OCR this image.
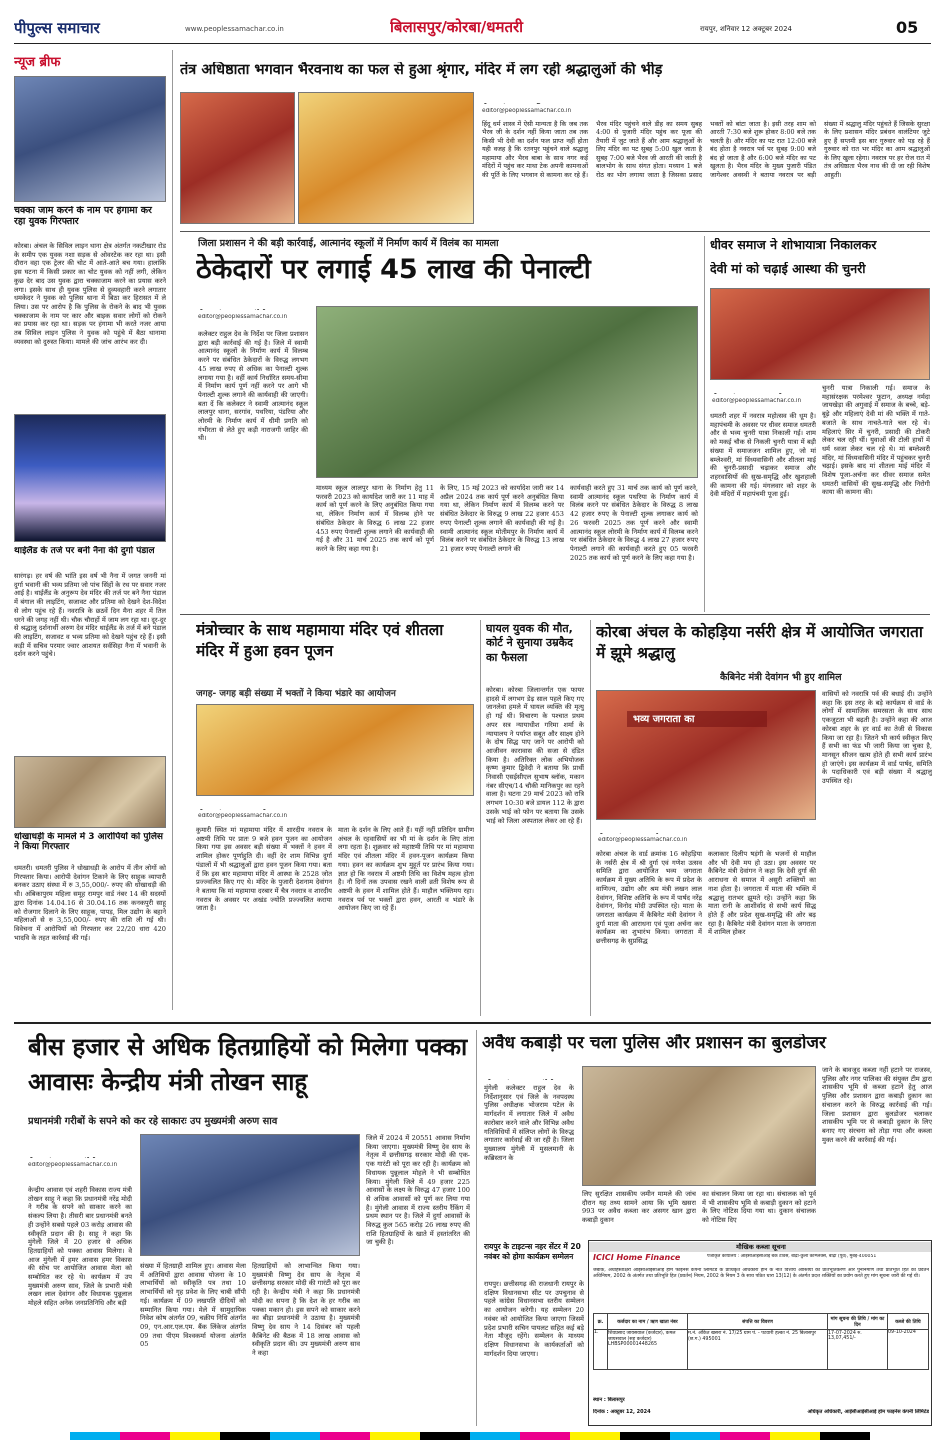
पीपुल्स समाचार	www.peoplessamachar.co.in	बिलासपुर/कोरबा/धमतरी	रायपुर, शनिवार 12 अक्टूबर 2024	05
न्यूज ब्रीफ
चक्का जाम करने के नाम पर हंगामा कर रहा युवक गिरफ्तार
कोरबा। अंचल के सिविल लाइन थाना क्षेत्र अंतर्गत नकटीखार रोड के समीप एक युवक नशा सड़क से ओवरटेक कर रहा था। इसी दौरान वहा एक ट्रेलर की चोट में आते-आते बच गया। हालांकि इस घटना में किसी प्रकार का चोट युवक को नहीं लगी, लेकिन कुछ देर बाद उस युवक द्वारा चक्काजाम करने का प्रयास करने लगा। इसके साथ ही युवक पुलिस से दुव्यवहारी करने लगातार धमकेदर ने युवक को पुलिस थाना में बिठा कर हिरासत में ले लिया। उस पर आरोप है कि पुलिस के रोकने के बाद भी युवक चक्काजाम के नाम पर कार और बाइक सवार लोगों को रोकने का प्रयास कर रहा था। सड़क पर हंगामा भी करते नजर आया तब सिविल लाइन पुलिस ने युवक को पहुंचे में बैठा थानामा व्यवस्था को दुरुस्त किया। मामले की जांच आरंभ कर दी।
थाईलैंड के तर्ज पर बनी नैना की दुर्गा पंडाल
सारंगढ़। हर वर्ष की भांति इस वर्ष भी नैना में जगत जननी मां दुर्गा भवानी की भव्य प्रतिमा जो पांच सिंहों के रथ पर सवार नजर आई है। थाईलैंड के अनुरूप देव मंदिर की तर्ज पर बने नैना पंडाल में बंगाल की लाइटिंग, सजावट और प्रतिमा को देखने देश-विदेश से लोग पहुंच रहे हैं। नवरात्रि के छठवें दिन मैना शहर में तिल धरने की जगह नहीं थी। चौक चौराहों में जाम लग रहा था। दूर-दूर से श्रद्धालु दर्शनार्थी अरुण देव मंदिर थाईलैंड के तर्ज में बने पंडाल की लाइटिंग, सजावट व भव्य प्रतिमा को देखने पहुंच रहे हैं। इसी कड़ी में सचिव परमार ज्वार आशयत सर्वसिहा नैना में भवानी के दर्शन करने पहुंचे।
धोखाधड़ी के मामले में 3 आरोपियों को पुलिस ने किया गिरफ्तार
धमतरी। धमतरी पुलिस ने धोखाधड़ी के आरोप में तीन लोगों को गिरफ्तार किया। आरोपी देवांगन टिकाने के लिए साहूक व्यापारी बनकर उठाए संस्था में रु 3,55,000/- रुपए की धोखाधड़ी की थी। अंबिकापुरम महिला समूह रामपुर वार्ड नंबर 14 की सदस्यों द्वारा दिनांक 14.04.16 से 30.04.16 तक कनकपुरी साहू को रोजगार दिलाने के लिए साहूक, पापड़, मिल उद्योग के बहाने महिलाओं से रु 3,55,000/- रुपए की राशि ली गई थी। विवेचना में आरोपियों को गिरफ्तार कर 22/20 धारा 420 भादवि के तहत कार्रवाई की गई।
तंत्र अधिष्ठाता भगवान भैरवनाथ का फल से हुआ श्रृंगार, मंदिर में लग रही श्रद्धालुओं की भीड़
editor@peoplessamachar.co.in
हिंदू धर्म शास्त्र में ऐसी मान्यता है कि जब तक भैरव जी के दर्शन नहीं किया जाता तब तक किसी भी देवी का दर्शन फल प्राप्त नहीं होता यही वजह है कि रतनपुर पहुंचने वाले श्रद्धालु महामाया और भैरव बाबा के साथ नगर कई मंदिरों में पहुंच कर माथा टेक अपनी कामनाओं की पूर्ति के लिए भगवान से कामना कर रहे हैं। भैरव मंदिर पहुंचने वाले डीह का समय सुबह 4:00 से पुजारी मंदिर पहुंच कर पूजा की तैयारी में जुट जाते हैं और आम श्रद्धालुओं के लिए मंदिर का पट सुबह 5:00 खुल जाता है सुबह 7:00 बजे भैरव जी आरती की जाती है बालभोग के साथ संगत होता। मध्यान 1 बजे रोठ का भोग लगाया जाता है जिसका प्रसाद भक्तों को बांटा जाता है। इसी तरह शाम को आरती 7:30 बजे शुरू होकर 8:00 बजे तक चलती है। और मंदिर का पट रात 12:00 बजे बंद होता है नवरात्र पर्व पर सुबह 9:00 बजे बंद हो जाता है और 6:00 बजे मंदिर का पट खुलता है। भैरव मंदिर के मुख्य पुजारी पंडित जागेश्वर अवस्थी ने बताया नवरात्र पर बड़ी संख्या में श्रद्धालु मंदिर पहुंचते हैं जिसके सुरक्षा के लिए प्रशासन मंदिर प्रबंधन वालंटियर जुटे हुए हैं सप्तमी इस बार गुरुवार को पड़ रहे हैं गुरुवार को रात भर मंदिर का आम श्रद्धालुओं के लिए खुला रहेगा। नवरात्र पर हर रोज रात में तंत्र अधिष्ठाता भैरव नाथ की दी जा रही विशेष आहुती।
जिला प्रशासन ने की बड़ी कार्रवाई, आत्मानंद स्कूलों में निर्माण कार्य में विलंब का मामला
ठेकेदारों पर लगाई 45 लाख की पेनाल्टी
editor@peoplessamachar.co.in
कलेक्टर राहुल देव के निर्देश पर जिला प्रशासन द्वारा बड़ी कार्रवाई की गई है। जिले में स्वामी आत्मानंद स्कूलों के निर्माण कार्य में विलम्ब करने पर संबंधित ठेकेदारों के विरुद्ध लगभग 45 लाख रुपए से अधिक का पेनाल्टी शुल्क लगाया गया है। वहीं कार्य निर्धारित समय-सीमा में निर्माण कार्य पूर्ण नहीं करने पर आगे भी पेनाल्टी शुल्क लगाने की कार्यवाही की जाएगी। बता दें कि कलेक्टर ने स्वामी आत्मानंद स्कूल लालपुर थाना, सरगांव, पथरिया, पंडरिया और लोरमी के निर्माण कार्य में धीमी प्रगति को गंभीरता से लेते हुए कड़ी नाराजगी जाहिर की थी।
माध्यम स्कूल लालपुर थाना के निर्माण हेतु 11 फरवरी 2023 को कार्यादेश जारी कर 11 माह में कार्य को पूर्ण करने के लिए अनुबंधित किया गया था, लेकिन निर्माण कार्य में विलम्ब होने पर संबंधित ठेकेदार के विरुद्ध 6 लाख 22 हजार 453 रुपए पेनाल्टी शुल्क लगाने की कार्यवाही की गई है और 31 मार्च 2025 तक कार्य को पूर्ण करने के लिए कहा गया है।
के लिए, 15 मई 2023 को कार्यादेश जारी कर 14 अप्रैल 2024 तक कार्य पूर्ण करने अनुबंधित किया गया था, लेकिन निर्माण कार्य में विलम्ब करने पर संबंधित ठेकेदार के विरुद्ध 9 लाख 22 हजार 453 रुपए पेनाल्टी शुल्क लगाने की कार्यवाही की गई है। स्वामी आत्मानंद स्कूल मोतीमपुर के निर्माण कार्य में विलंब करने पर संबंधित ठेकेदार के विरुद्ध 13 लाख 21 हजार रुपए पेनाल्टी लगाने की
कार्यवाही करते हुए 31 मार्च तक कार्य को पूर्ण करने, स्वामी आत्मानंद स्कूल पथरिया के निर्माण कार्य में विलंब करने पर संबंधित ठेकेदार के विरुद्ध 8 लाख 42 हजार रुपए के पेनाल्टी शुल्क लगाकर कार्य को 26 फरवरी 2025 तक पूर्ण करने और स्वामी आत्मानंद स्कूल लोरमी के निर्माण कार्य में विलम्ब करने पर संबंधित ठेकेदार के विरुद्ध 4 लाख 27 हजार रुपए पेनाल्टी लगाने की कार्यवाही करते हुए 05 फरवरी 2025 तक कार्य को पूर्ण करने के लिए कहा गया है।
धीवर समाज ने शोभायात्रा निकालकर
देवी मां को चढ़ाई आस्था की चुनरी
editor@peoplessamachar.co.in
धमतरी शहर में नवरात्र महोत्सव की धूम है। महापंचमी के अवसर पर धीवर समाज धमतरी और से भव्य चुनरी यात्रा निकाली गई। शाम को मकई चौक से निकली चुनरी यात्रा में बड़ी संख्या में समाजजन शामिल हुए, जो मां बम्लेश्वरी, मां विंध्यवासिनी और शीतला माई की चुनरी-प्रसादी चढ़ाकर समाज और शहरवासियों की सुख-समृद्धि और खुशहाली की कामना की गई। मंगलवार को शहर के देवी मंदिरों में महापंचमी पूजा हुई।
चुनरी यात्रा निकाली गई। समाज के महासंरक्षक परमेश्वर फूटान, अध्यक्ष नर्मदा जायखेड़ा की अगुवाई में समाज के बच्चे, बड़े-बूढ़े और महिलाएं देवी मां की भक्ति में गाते-बजाते के साथ नाचते-गाते चल रहे थे। महिलाएं सिर में चुनरी, प्रसादी की टोकरी लेकर चल रही थीं। युवाओं की टोली हाथों में धर्म ध्वजा लेकर चल रहे थे। मां बम्लेश्वरी मंदिर, मां विंध्यवासिनी मंदिर में पहुंचकर चुनरी चढ़ाई। इसके बाद मां शीतला माई मंदिर में विशेष पूजा-अर्चना कर धीवर समाज समेत धमतरी वासियों की सुख-समृद्धि और निरोगी काया की कामना की।
मंत्रोच्चार के साथ महामाया मंदिर एवं शीतला मंदिर में हुआ हवन पूजन
जगह- जगह बड़ी संख्या में भक्तों ने किया भंडारे का आयोजन
editor@peoplessamachar.co.in
कुमारी स्थित मां महामाया मंदिर में शारदीय नवरात्र के अष्टमी तिथि पर प्रातः 9 बजे हवन पूजन का आयोजन किया गया इस अवसर बड़ी संख्या में भक्तों ने हवन में शामिल होकर पूर्णाहुति दी। वहीं देर शाम विभिन्न दुर्गा पंडालों में भी श्रद्धालुओं द्वारा हवन पूजन किया गया। बता दें कि इस बार महामाया मंदिर में आस्था के 2528 जोत प्रज्ज्वलित किए गए थे। मंदिर के पुजारी देशनाम देवांगन ने बताया कि मां महामाया दरबार में चैत्र नवरात्र व शारदीय नवरात्र के अवसर पर अखंड ज्योति प्रज्ज्वलित कराया जाता है।
माता के दर्शन के लिए आते हैं। यहीं नहीं प्रतिदिन ग्रामीण अंचल के रहवासियों का भी मां के दर्शन के लिए तांता लगा रहता है। शुक्रवार को महाष्टमी तिथि पर मां महामाया मंदिर एवं शीतला मंदिर में हवन-पूजन कार्यक्रम किया गया। हवन का कार्यक्रम शुभ मुहूर्त पर प्रारंभ किया गया। ज्ञात हो कि नवरात्र में अष्टमी तिथि का विशेष महत्व होता है। नौ दिनों तक उपवास रखने वाली व्रती विशेष रूप से अष्टमी के हवन में शामिल होते हैं। माहौल भक्तिमय रहा। नवरात्र पर्व पर भक्तों द्वारा हवन, आरती व भंडारे के आयोजन किए जा रहे हैं।
घायल युवक की मौत, कोर्ट ने सुनाया उम्रकैद का फैसला
कोरबा। कोरबा जिलान्तर्गत एक फायर हादसे में लगभग डेढ़ साल पहले किए गए जानलेवा हमले में घायल व्यक्ति की मृत्यु हो गई थी। विचारण के पश्चात प्रथम अपर सत्र न्यायाधीश गरिमा शर्मा के न्यायालय ने पर्याप्त सबूत और साक्ष्य होने के दोष सिद्ध पाए जाने पर आरोपी को आजीवन कारावास की सजा से दंडित किया है। अतिरिक्त लोक अभियोजक कृष्ण कुमार द्विवेदी ने बताया कि प्रार्थी निवासी एसईसीएल सुभाष ब्लॉक, मकान नंबर सीएच/14 चौकी मानिकपुर का रहने वाला है। घटना 29 मार्च 2023 को रात्रि लगभग 10:30 बजे डायल 112 के द्वारा उसके भाई को फोन पर बताया कि उसके भाई को जिला अस्पताल लेकर आ रहे हैं।
कोरबा अंचल के कोहड़िया नर्सरी क्षेत्र में आयोजित जगराता में झूमे श्रद्धालु
कैबिनेट मंत्री देवांगन भी हुए शामिल
भव्य जगराता का
editor@peoplessamachar.co.in
कोरबा अंचल के वार्ड क्रमांक 16 कोहड़िया के नर्सरी क्षेत्र में श्री दुर्गा एवं गणेश उत्सव समिति द्वारा आयोजित भव्य जगराता कार्यक्रम में मुख्य अतिथि के रूप में प्रदेश के वाणिज्य, उद्योग और श्रम मंत्री लखन लाल देवांगन, विशिष्ट अतिथि के रूप में पार्षद नरेंद्र देवांगन, विनोद मोदी उपस्थित रहे। माता के जगराता कार्यक्रम में कैबिनेट मंत्री देवांगन ने दुर्गा माता की आराधना एवं पूजा अर्चना कर कार्यक्रम का शुभारंभ किया। जगराता में छत्तीसगढ़ के सुप्रसिद्ध
कलाकार दिलीप षड़ंगी के भजनों से माहौल और भी देवी मय हो उठा। इस अवसर पर कैबिनेट मंत्री देवांगन ने कहा कि देवी दुर्गा की आराधना से समाज में असुरी शक्तियों का नाश होता है। जगराता में माता की भक्ति में श्रद्धालु रातभर झूमते रहे। उन्होंने कहा कि माता रानी के आशीर्वाद से सभी कार्य सिद्ध होते हैं और प्रदेश सुख-समृद्धि की ओर बढ़ रहा है। कैबिनेट मंत्री देवांगन माता के जगराता में शामिल होकर
वासियों को नवरात्रि पर्व की बधाई दी। उन्होंने कहा कि इस तरह के बड़े कार्यक्रम से वार्ड के लोगों में सामाजिक समरसता के साथ साथ एकजुटता भी बढ़ती है। उन्होंने कहा की आज कोरबा शहर के हर वार्ड का तेजी से विकास किया जा रहा है। जितने भी कार्य स्वीकृत किए हैं सभी का फंड भी जारी किया जा चुका है, मानसून सीजन खत्म होते ही सभी कार्य प्रारंभ हो जाएंगे। इस कार्यक्रम में वार्ड पार्षद, समिति के पदाधिकारी एवं बड़ी संख्या में श्रद्धालु उपस्थित रहे।
बीस हजार से अधिक हितग्राहियों को मिलेगा पक्का आवासः केन्द्रीय मंत्री तोखन साहू
प्रधानमंत्री गरीबों के सपने को कर रहे साकारः उप मुख्यमंत्री अरुण साव
editor@peoplessamachar.co.in
केन्द्रीय आवास एवं शहरी विकास राज्य मंत्री तोखन साहू ने कहा कि प्रधानमंत्री नरेंद्र मोदी ने गरीब के सपने को साकार करने का संकल्प लिया है। तीसरी बार प्रधानमंत्री बनते ही उन्होंने सबसे पहले 03 करोड़ आवास की स्वीकृति प्रदान की है। साहू ने कहा कि मुंगेली जिले में 20 हजार से अधिक हितग्राहियों को पक्का आवास मिलेगा। वे आज मुंगेली में हमर आवास हमर विकास की सोच पर आयोजित आवास मेला को सम्बोधित कर रहे थे। कार्यक्रम में उप मुख्यमंत्री अरुण साव, जिले के प्रभारी मंत्री लखन लाल देवांगन और विधायक पुन्नूलाल मोहले सहित अनेक जनप्रतिनिधि और बड़ी
संख्या में हितग्राही शामिल हुए। आवास मेला में अतिथियों द्वारा आवास योजना के 10 लाभार्थियों को स्वीकृति पत्र तथा 10 लाभार्थियों को गृह प्रवेश के लिए चाबी सौंपी गई। कार्यक्रम में 09 लखपति दीदियों को सम्मानित किया गया। मेले में सामुदायिक निवेश कोष अंतर्गत 09, चक्रीय निधि अंतर्गत 09, एन.आर.एल.एम. बैंक लिंकेज अंतर्गत 09 तथा पीएम विश्वकर्मा योजना अंतर्गत 05
हितग्राहियों को लाभान्वित किया गया। मुख्यमंत्री विष्णु देव साय के नेतृत्व में छत्तीसगढ़ सरकार मोदी की गारंटी को पूरा कर रही है। केन्द्रीय मंत्री ने कहा कि प्रधानमंत्री मोदी का सपना है कि देश के हर गरीब का पक्का मकान हो। इस सपने को साकार करने का बीड़ा प्रधानमंत्री ने उठाया है। मुख्यमंत्री विष्णु देव साय ने 14 दिसंबर को पहली कैबिनेट की बैठक में 18 लाख आवास को स्वीकृति प्रदान की। उप मुख्यमंत्री अरुण साव ने कहा
जिले में 2024 में 20551 आवास निर्माण किया जाएगा। मुख्यमंत्री विष्णु देव साय के नेतृत्व में छत्तीसगढ़ सरकार मोदी की एक-एक गारंटी को पूरा कर रही है। कार्यक्रम को विधायक पुन्नूलाल मोहले ने भी सम्बोधित किया। मुंगेली जिले में 49 हजार 225 आवासों के लक्ष्य के विरुद्ध 47 हजार 100 से अधिक आवासों को पूर्ण कर लिया गया है। मुंगेली आवास में राज्य स्तरीय रैंकिंग में प्रथम स्थान पर है। जिले में दुर्गा आवासों के विरुद्ध कुल 565 करोड़ 26 लाख रुपए की राशि हितग्राहियों के खाते में हस्तांतरित की जा चुकी है।
अवैध कबाड़ी पर चला पुलिस और प्रशासन का बुलडोजर
मुंगेली कलेक्टर राहुल देव के निर्देशानुसार एवं जिले के नवपदस्थ पुलिस अधीक्षक भोजराम पटेल के मार्गदर्शन में लगातार जिले में अवैध कारोबार करने वाले और विभिन्न अवैध गतिविधियों में संलिप्त लोगों के विरुद्ध लगातार कार्रवाई की जा रही है। जिला मुख्यालय मुंगेली में मुसलमानी के कब्रिस्तान के
लिए सुरक्षित शासकीय जमीन मामले की जांच दौरान यह तथ्य सामने आया कि भूमि खसरा 993 पर अवैध कब्जा कर असगर खान द्वारा कबाड़ी दुकान
का संचालन किया जा रहा था। संचालक को पूर्व में भी शासकीय भूमि से कबाड़ी दुकान को हटाने के लिए नोटिस दिया गया था। दुकान संचालक को नोटिस दिए
जाने के बावजूद कब्जा नहीं हटाने पर राजस्व, पुलिस और नगर पालिका की संयुक्त टीम द्वारा शासकीय भूमि से कब्जा हटाने हेतु आज पुलिस और प्रशासन द्वारा कबाड़ी दुकान का संचालन करने के विरुद्ध कार्रवाई की गई। जिला प्रशासन द्वारा बुलडोजर चलाकर शासकीय भूमि पर से कबाड़ी दुकान के लिए बनाए गए संरचना को तोड़ा गया और कब्जा मुक्त करने की कार्रवाई की गई।
रायपुर के टाइटन्स नहर सेंटर में 20 नवंबर को होगा कार्यक्रम सम्मेलन
रायपुर। छत्तीसगढ़ की राजधानी रायपुर के दक्षिण विधानसभा सीट पर उपचुनाव से पहले कांग्रेस विधानसभा स्तरीय सम्मेलन का आयोजन करेगी। यह सम्मेलन 20 नवंबर को आयोजित किया जाएगा जिसमें प्रदेश प्रभारी सचिन पायलट सहित कई बड़े नेता मौजूद रहेंगे। सम्मेलन के माध्यम दक्षिण विधानसभा के कार्यकर्ताओं को मार्गदर्शन दिया जाएगा।
मौखिक कब्जा सूचना
ICICI Home Finance	पंजीकृत कार्यालय : आईसीआईसीआई बैंक टावर्स, बांद्रा-कुर्ला कॉम्प्लेक्स, बांद्रा (पूर्व), मुंबई-400051
जबकि, अधोहस्ताक्षरी आईसीआईसीआई होम फाइनेंस कंपनी लिमिटेड के प्राधिकृत अधिकारी होने के नाते वित्तीय आस्तियों का प्रतिभूतिकरण और पुनर्निर्माण तथा प्रतिभूति हित का प्रवर्तन अधिनियम, 2002 के अंतर्गत तथा प्रतिभूति हित (प्रवर्तन) नियम, 2002 के नियम 3 के साथ पठित धारा 13(12) के अंतर्गत प्रदत्त शक्तियों का प्रयोग करते हुए मांग सूचना जारी की गई थी।
क्र.	कर्जदार का नाम / ऋण खाता नंबर	संपत्ति का विवरण	मांग सूचना की तिथि / मांग का दिन	कब्जे की तिथि
1.	शिवप्रसाद जायसवाल (कर्जदार), कमल जायसवाल (सह कर्जदार) LHBSP00001448265	म.नं. अंकित खसरा नं. 17/25 ग्राम पं. - पटवारी हल्का नं. 25 बिलासपुर (छ.ग.) 495001	17-07-2024 रु. 13,07,451/-	09-10-2024
स्थान : बिलासपुर
दिनांक : अक्टूबर 12, 2024	अधिकृत अधिकारी, आईसीआईसीआई होम फाइनेंस कंपनी लिमिटेड
